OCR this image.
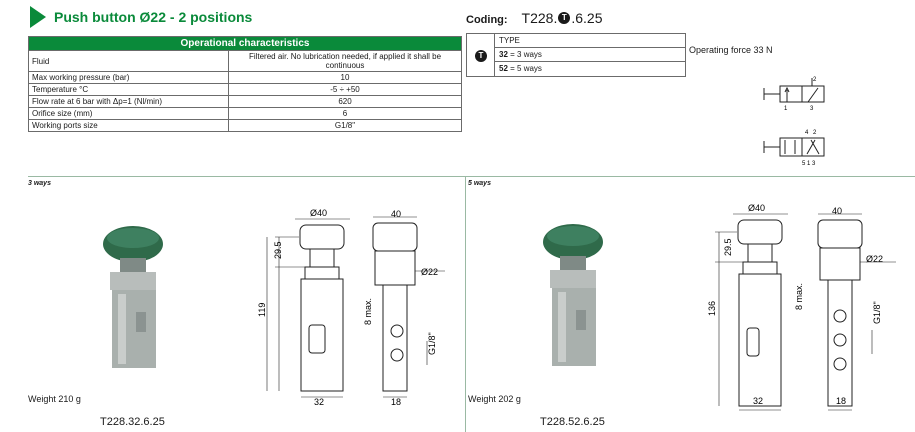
Push button Ø22 - 2 positions
Operational characteristics	
Fluid	Filtered air. No lubrication needed, if applied it shall be continuous
Max working pressure (bar)	10
Temperature °C	-5 ÷ +50
Flow rate at 6 bar with Δp=1 (Nl/min)	620
Orifice size (mm)	6
Working ports size	G1/8"
Coding: T228. T .6.25
T
TYPE
32 = 3 ways
52 = 5 ways
Operating force 33 N
2
1	3
4 2
5 1 3
3 ways
Ø40
29.5
119
32
40
Ø22
8 max.
G1/8"
18
Weight 210 g
T228.32.6.25
5 ways
Ø40
29.5
136
32
40
Ø22
8 max.
G1/8"
18
Weight 202 g
T228.52.6.25
